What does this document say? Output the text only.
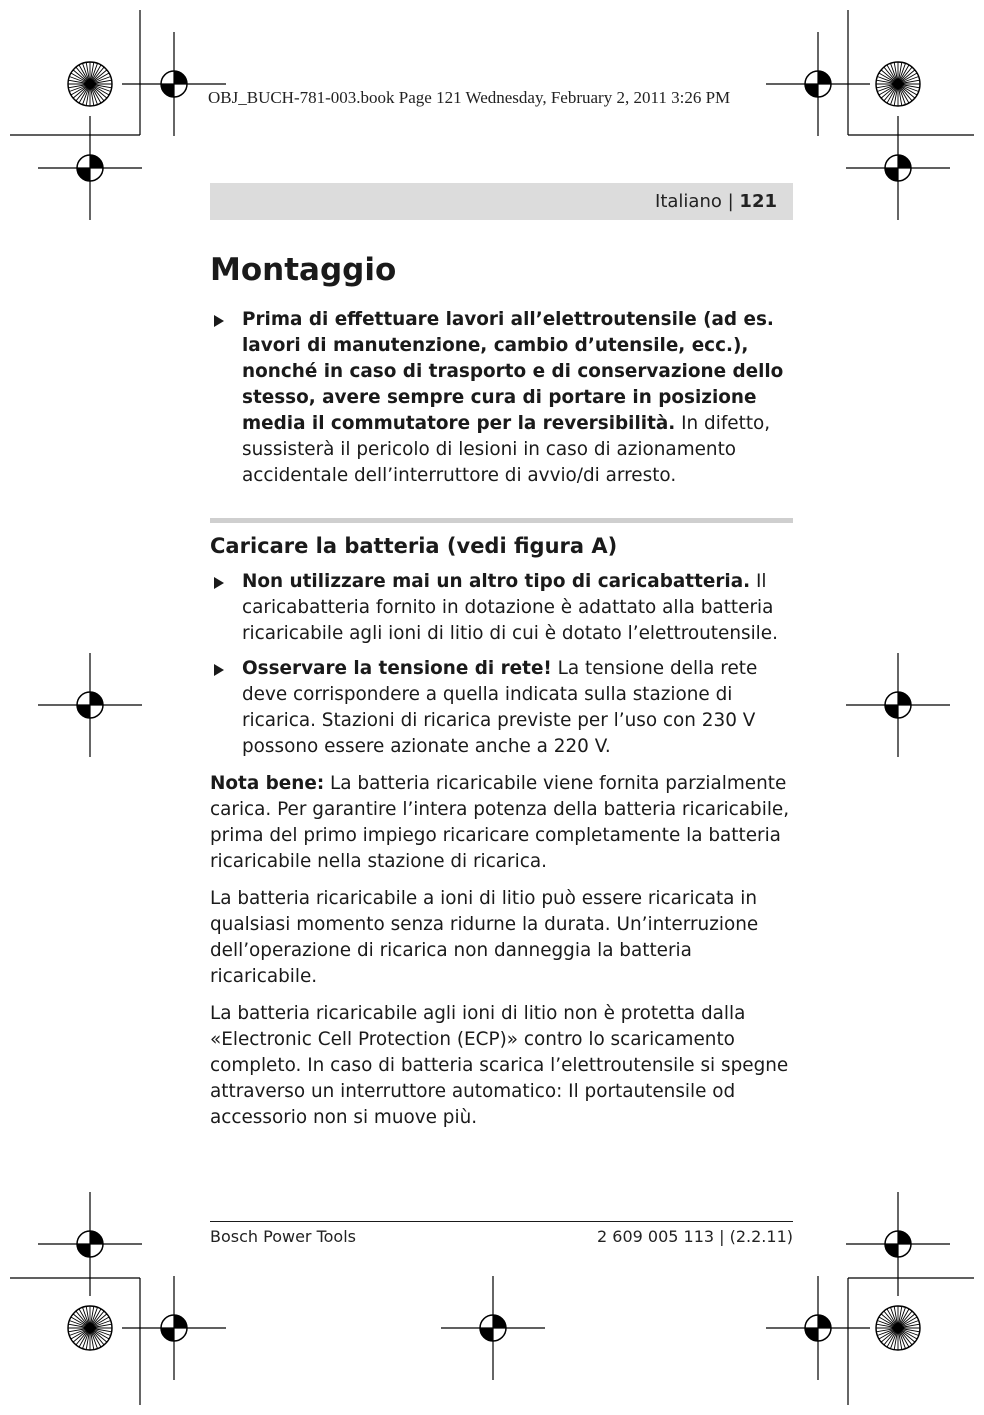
OBJ_BUCH-781-003.book Page 121 Wednesday, February 2, 2011 3:26 PM
Italiano | 121
Montaggio
Prima di effettuare lavori all’elettroutensile (ad es. lavori di manutenzione, cambio d’utensile, ecc.), nonché in caso di trasporto e di conservazione dello stesso, avere sempre cura di portare in posizione media il commutatore per la reversibilità. In difetto, sussisterà il pericolo di lesioni in caso di azionamento accidentale dell’interruttore di avvio/di arresto.
Caricare la batteria (vedi figura A)
Non utilizzare mai un altro tipo di caricabatteria. Il caricabatteria fornito in dotazione è adattato alla batteria ricaricabile agli ioni di litio di cui è dotato l’elettroutensile.
Osservare la tensione di rete! La tensione della rete deve corrispondere a quella indicata sulla stazione di ricarica. Stazioni di ricarica previste per l’uso con 230 V possono essere azionate anche a 220 V.

Nota bene: La batteria ricaricabile viene fornita parzialmente carica. Per garantire l’intera potenza della batteria ricaricabile, prima del primo impiego ricaricare completamente la batteria ricaricabile nella stazione di ricarica.

La batteria ricaricabile a ioni di litio può essere ricaricata in qualsiasi momento senza ridurne la durata. Un’interruzione dell’operazione di ricarica non danneggia la batteria ricaricabile.

La batteria ricaricabile agli ioni di litio non è protetta dalla «Electronic Cell Protection (ECP)» contro lo scaricamento completo. In caso di batteria scarica l’elettroutensile si spegne attraverso un interruttore automatico: Il portautensile od accessorio non si muove più.

Bosch Power Tools	2 609 005 113 | (2.2.11)
